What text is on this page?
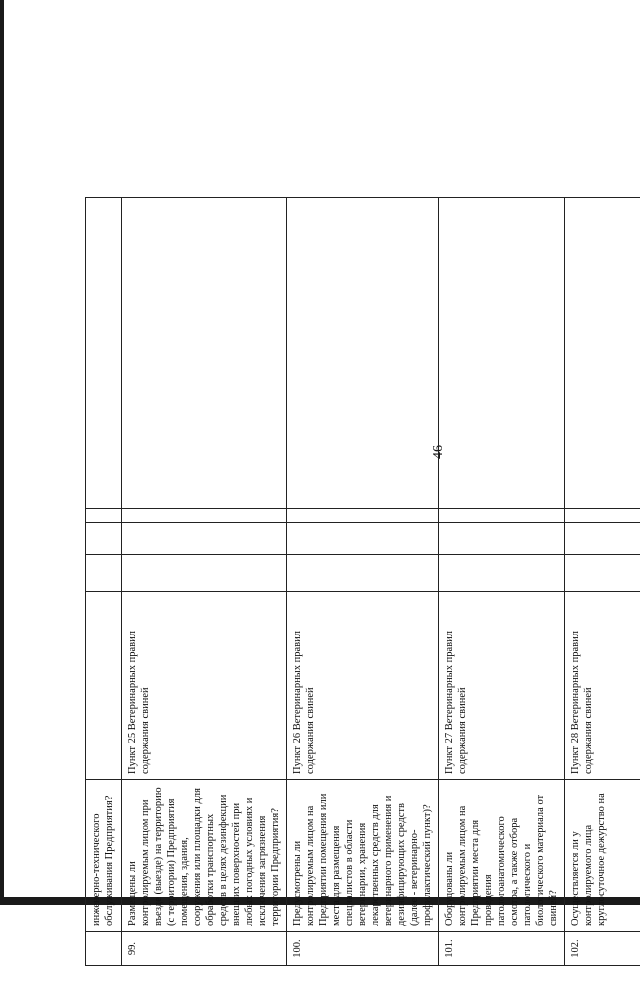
46
	инженерно-технического обслуживания Предприятия?					
99.	Размещены ли контролируемым лицом при въезде (выезде) на территорию (с территории) Предприятия помещения, здания, сооружения или площадки для обработки транспортных средств в целях дезинфекции внешних поверхностей при любых погодных условиях и исключения загрязнения территории Предприятия?	Пункт 25 Ветеринарных правил содержания свиней				
100.	Предусмотрены ли контролируемым лицом на Предприятии помещения или места для размещения специалистов в области ветеринарии, хранения лекарственных средств для ветеринарного применения и дезинфицирующих средств (далее - ветеринарно-профилактический пункт)?	Пункт 26 Ветеринарных правил содержания свиней				
101.	Оборудованы ли контролируемым лицом на Предприятии места для проведения патологоанатомического осмотра, а также отбора патологического и биологического материала от свиней?	Пункт 27 Ветеринарных правил содержания свиней				
102.	Осуществляется ли у контролируемого лица круглосуточное дежурство на	Пункт 28 Ветеринарных правил содержания свиней				
